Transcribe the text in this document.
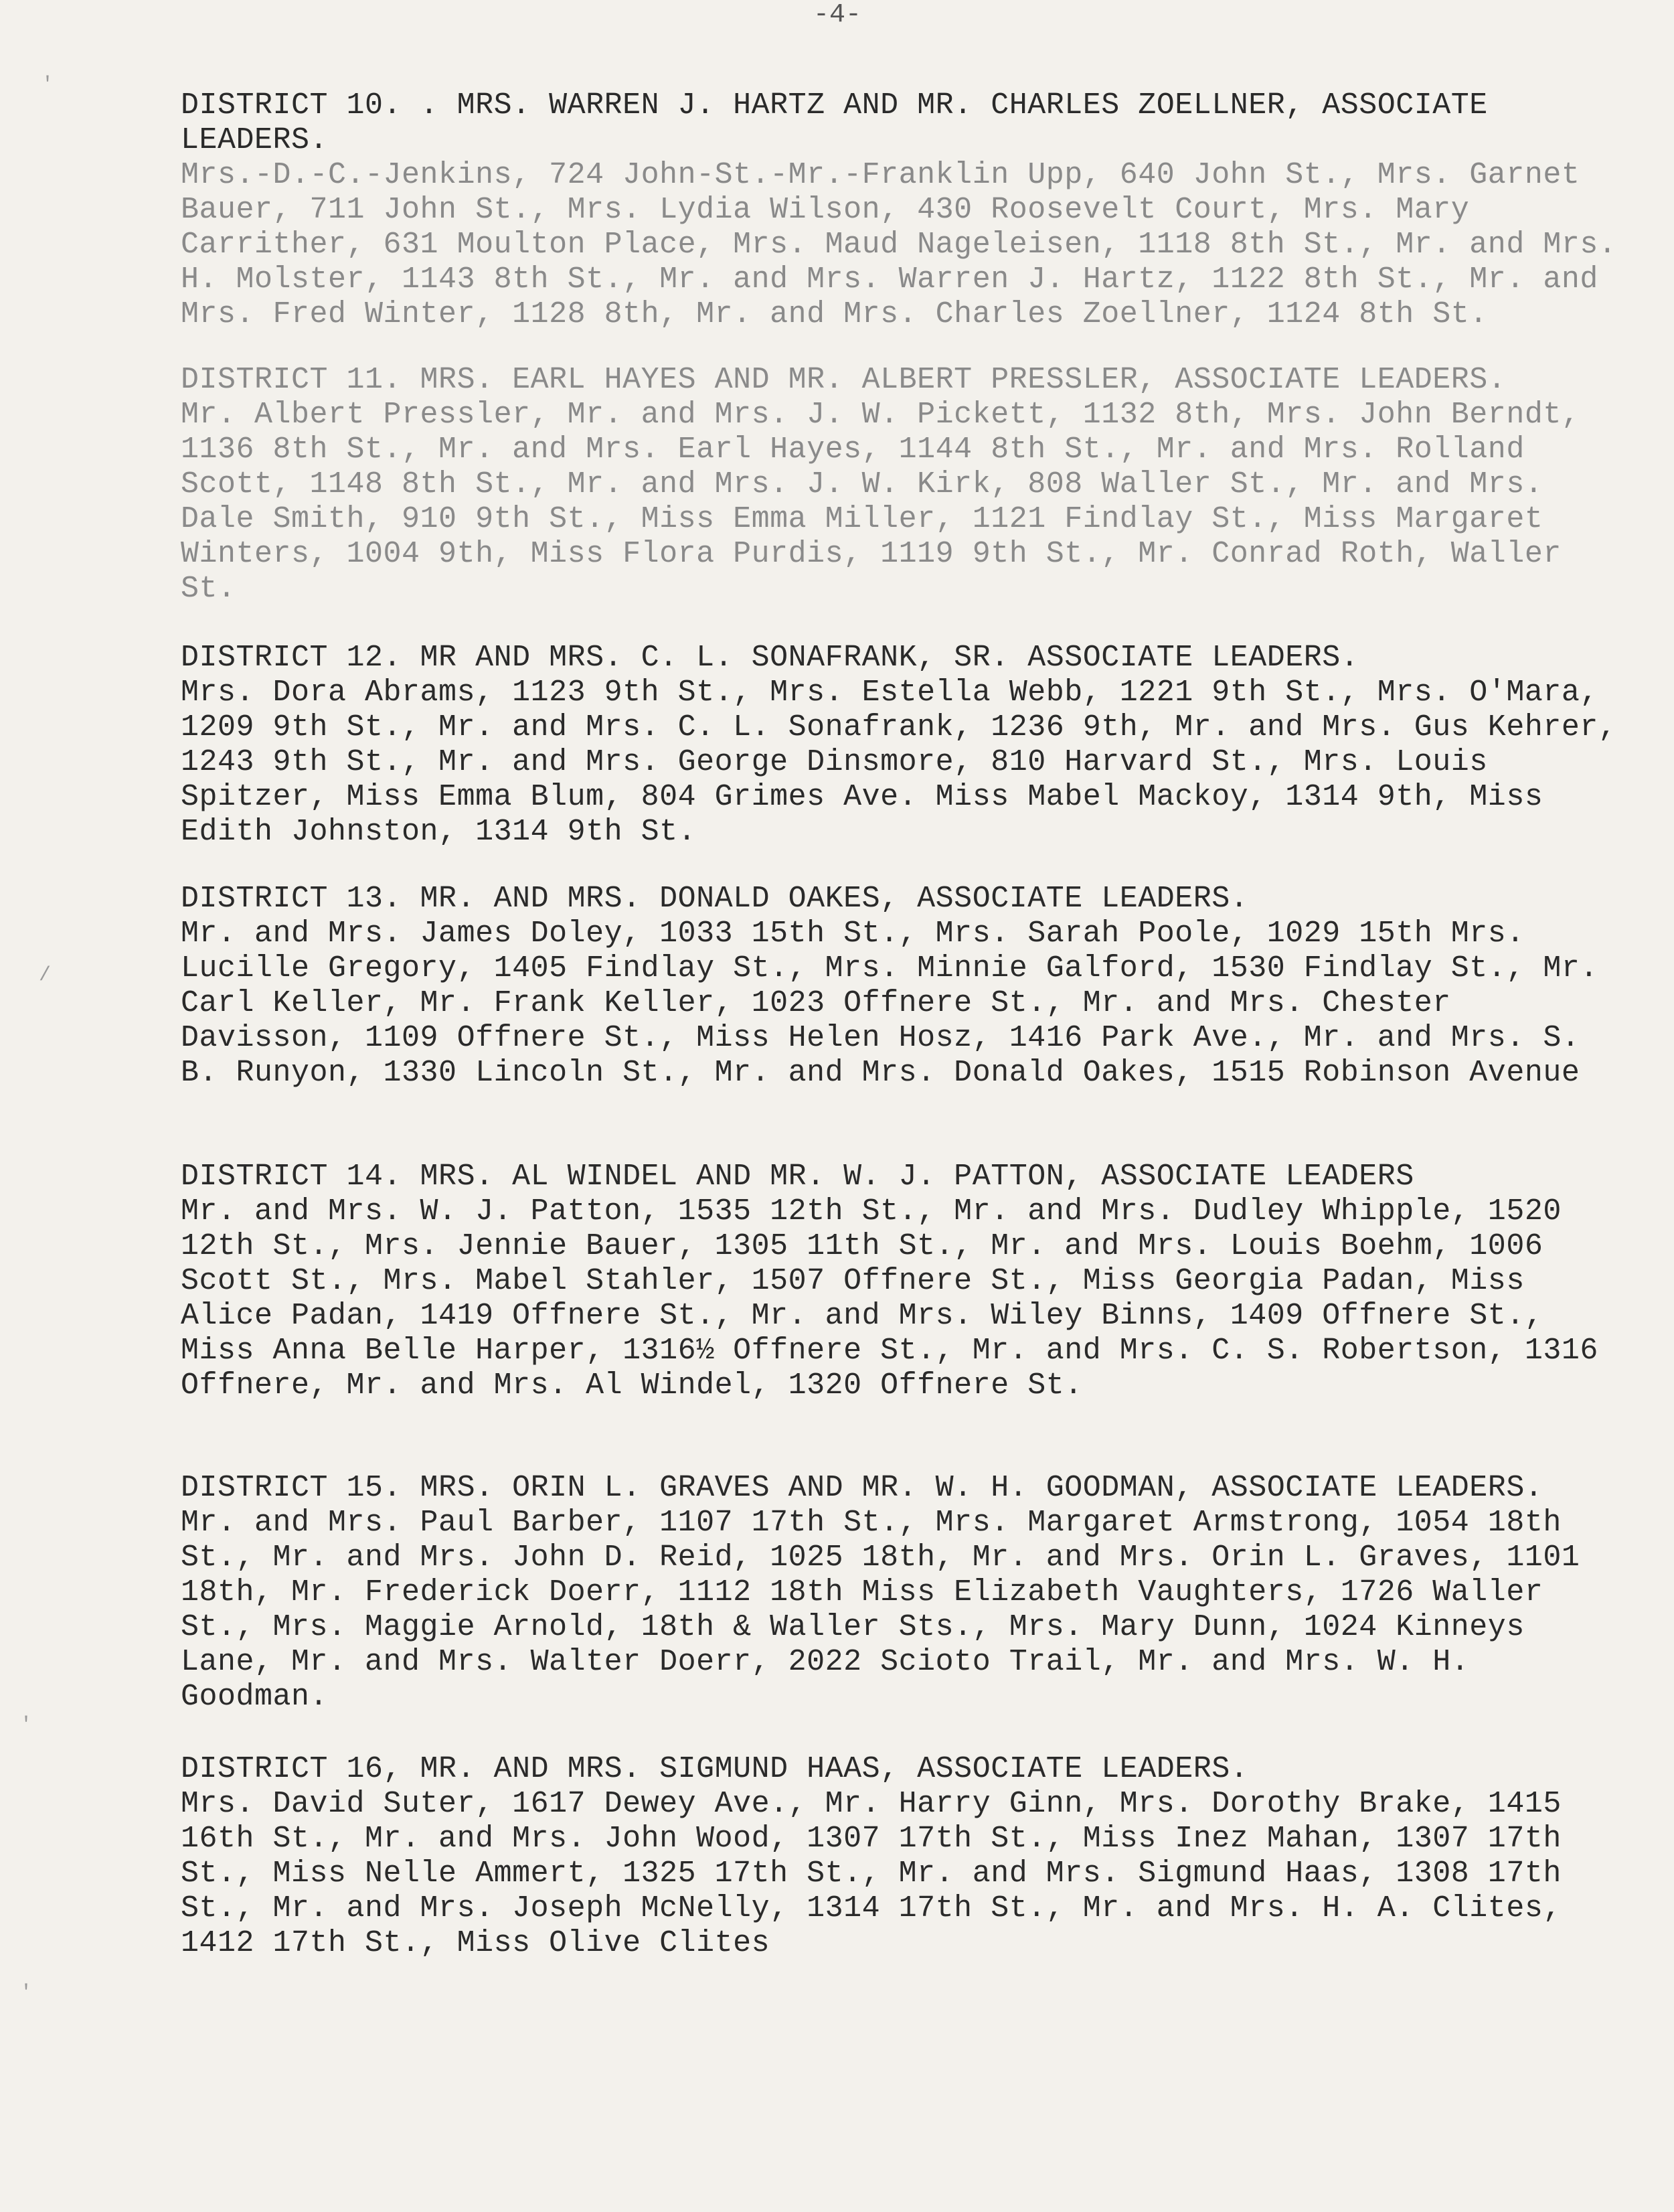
-4-
'
/
'
'

DISTRICT 10. . MRS. WARREN J. HARTZ AND MR. CHARLES ZOELLNER, ASSOCIATE LEADERS.
Mrs.-D.-C.-Jenkins, 724 John-St.-Mr.-Franklin Upp, 640 John St., Mrs. Garnet Bauer, 711 John St., Mrs. Lydia Wilson, 430 Roosevelt Court, Mrs. Mary Carrither, 631 Moulton Place, Mrs. Maud Nageleisen, 1118 8th St., Mr. and Mrs. H. Molster, 1143 8th St., Mr. and Mrs. Warren J. Hartz, 1122 8th St., Mr. and Mrs. Fred Winter, 1128 8th, Mr. and Mrs. Charles Zoellner, 1124 8th St.

DISTRICT 11. MRS. EARL HAYES AND MR. ALBERT PRESSLER, ASSOCIATE LEADERS.
Mr. Albert Pressler, Mr. and Mrs. J. W. Pickett, 1132 8th, Mrs. John Berndt, 1136 8th St., Mr. and Mrs. Earl Hayes, 1144 8th St., Mr. and Mrs. Rolland Scott, 1148 8th St., Mr. and Mrs. J. W. Kirk, 808 Waller St., Mr. and Mrs. Dale Smith, 910 9th St., Miss Emma Miller, 1121 Findlay St., Miss Margaret Winters, 1004 9th, Miss Flora Purdis, 1119 9th St., Mr. Conrad Roth, Waller St.

DISTRICT 12. MR AND MRS. C. L. SONAFRANK, SR. ASSOCIATE LEADERS.
Mrs. Dora Abrams, 1123 9th St., Mrs. Estella Webb, 1221 9th St., Mrs. O'Mara, 1209 9th St., Mr. and Mrs. C. L. Sonafrank, 1236 9th, Mr. and Mrs. Gus Kehrer, 1243 9th St., Mr. and Mrs. George Dinsmore, 810 Harvard St., Mrs. Louis Spitzer, Miss Emma Blum, 804 Grimes Ave. Miss Mabel Mackoy, 1314 9th, Miss Edith Johnston, 1314 9th St.

DISTRICT 13. MR. AND MRS. DONALD OAKES, ASSOCIATE LEADERS.
Mr. and Mrs. James Doley, 1033 15th St., Mrs. Sarah Poole, 1029 15th Mrs. Lucille Gregory, 1405 Findlay St., Mrs. Minnie Galford, 1530 Findlay St., Mr. Carl Keller, Mr. Frank Keller, 1023 Offnere St., Mr. and Mrs. Chester Davisson, 1109 Offnere St., Miss Helen Hosz, 1416 Park Ave., Mr. and Mrs. S. B. Runyon, 1330 Lincoln St., Mr. and Mrs. Donald Oakes, 1515 Robinson Avenue

DISTRICT 14. MRS. AL WINDEL AND MR. W. J. PATTON, ASSOCIATE LEADERS
Mr. and Mrs. W. J. Patton, 1535 12th St., Mr. and Mrs. Dudley Whipple, 1520 12th St., Mrs. Jennie Bauer, 1305 11th St., Mr. and Mrs. Louis Boehm, 1006 Scott St., Mrs. Mabel Stahler, 1507 Offnere St., Miss Georgia Padan, Miss Alice Padan, 1419 Offnere St., Mr. and Mrs. Wiley Binns, 1409 Offnere St., Miss Anna Belle Harper, 1316½ Offnere St., Mr. and Mrs. C. S. Robertson, 1316 Offnere, Mr. and Mrs. Al Windel, 1320 Offnere St.

DISTRICT 15. MRS. ORIN L. GRAVES AND MR. W. H. GOODMAN, ASSOCIATE LEADERS.
Mr. and Mrs. Paul Barber, 1107 17th St., Mrs. Margaret Armstrong, 1054 18th St., Mr. and Mrs. John D. Reid, 1025 18th, Mr. and Mrs. Orin L. Graves, 1101 18th, Mr. Frederick Doerr, 1112 18th Miss Elizabeth Vaughters, 1726 Waller St., Mrs. Maggie Arnold, 18th & Waller Sts., Mrs. Mary Dunn, 1024 Kinneys Lane, Mr. and Mrs. Walter Doerr, 2022 Scioto Trail, Mr. and Mrs. W. H. Goodman.

DISTRICT 16, MR. AND MRS. SIGMUND HAAS, ASSOCIATE LEADERS.
Mrs. David Suter, 1617 Dewey Ave., Mr. Harry Ginn, Mrs. Dorothy Brake, 1415 16th St., Mr. and Mrs. John Wood, 1307 17th St., Miss Inez Mahan, 1307 17th St., Miss Nelle Ammert, 1325 17th St., Mr. and Mrs. Sigmund Haas, 1308 17th St., Mr. and Mrs. Joseph McNelly, 1314 17th St., Mr. and Mrs. H. A. Clites, 1412 17th St., Miss Olive Clites
